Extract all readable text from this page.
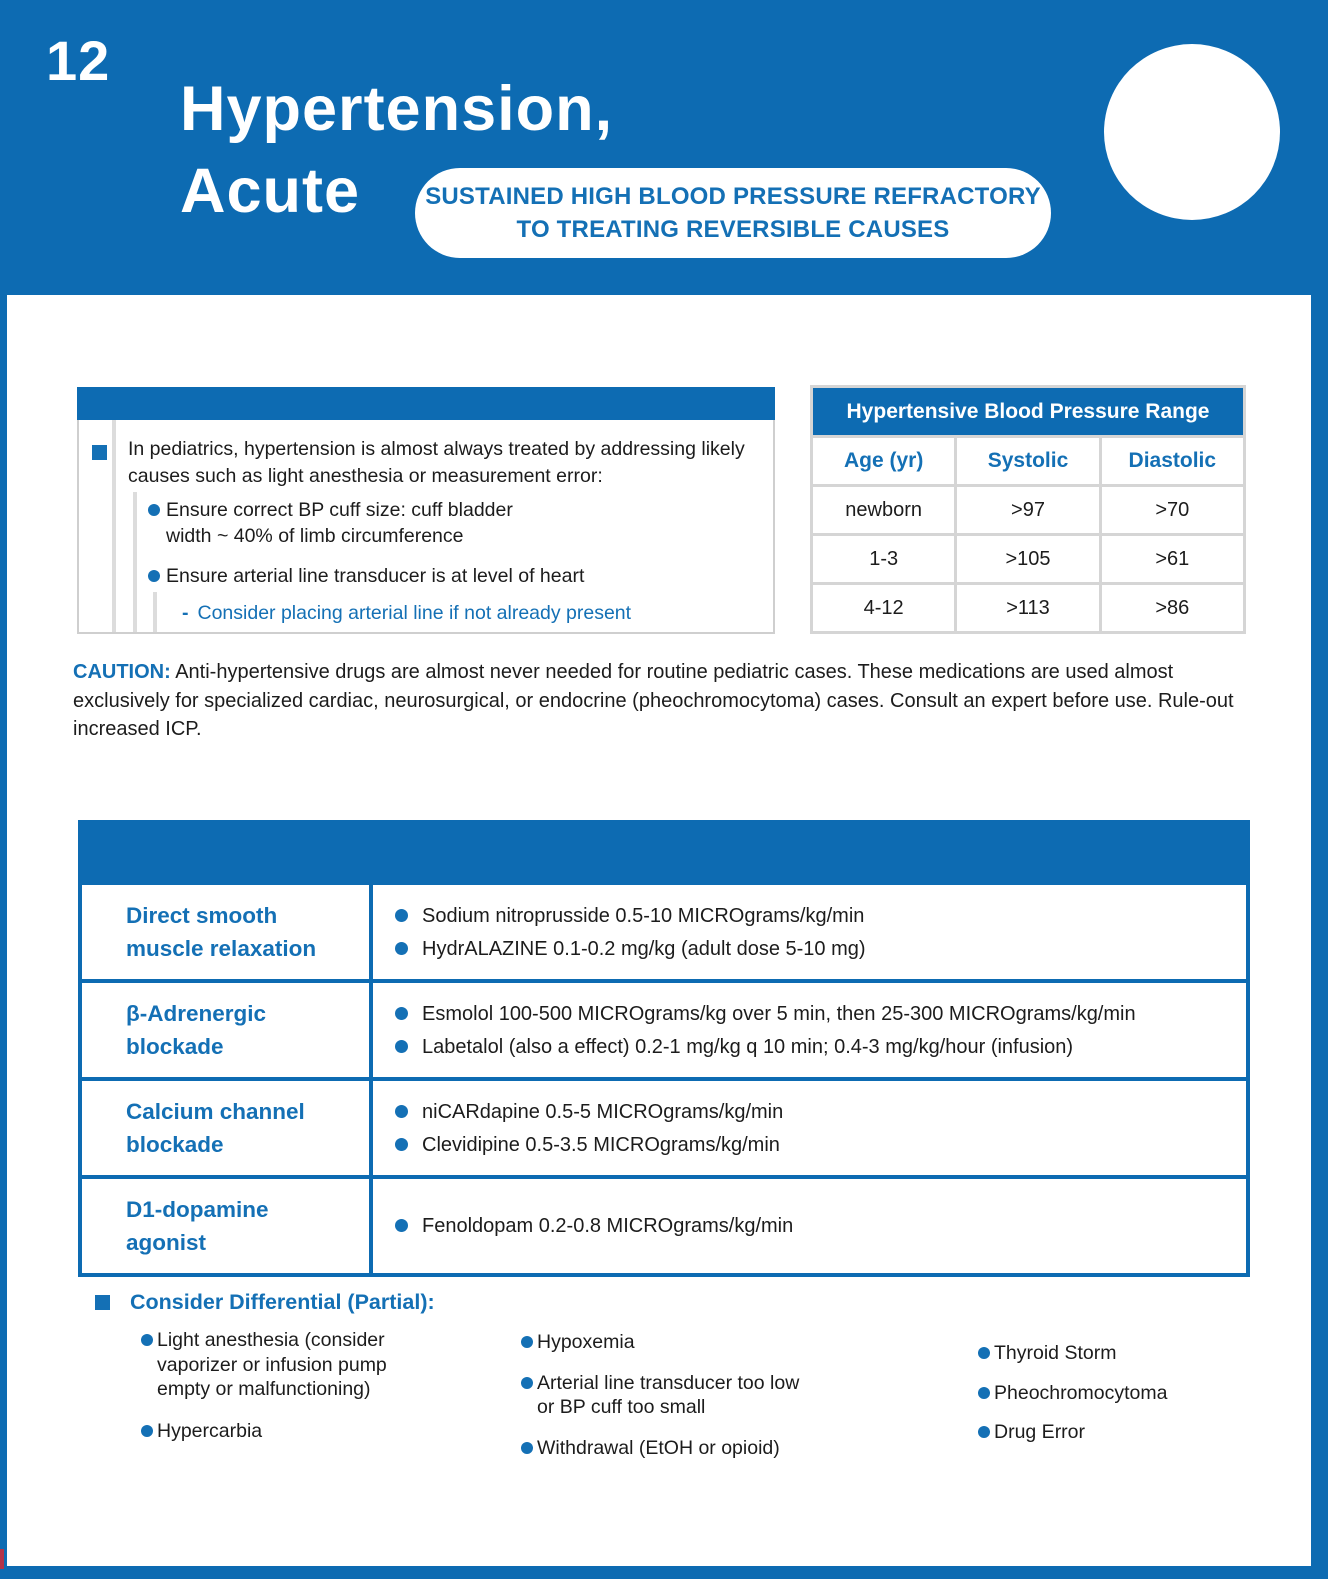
12
Hypertension,
Acute	SUSTAINED HIGH BLOOD PRESSURE REFRACTORY
TO TREATING REVERSIBLE CAUSES
In pediatrics, hypertension is almost always treated by addressing likely causes such as light anesthesia or measurement error:
Ensure correct BP cuff size: cuff bladder
width ~ 40% of limb circumference
Ensure arterial line transducer is at level of heart
- Consider placing arterial line if not already present
Hypertensive Blood Pressure Range
Age (yr)	Systolic	Diastolic
newborn	>97	>70
1-3	>105	>61
4-12	>113	>86
CAUTION: Anti-hypertensive drugs are almost never needed for routine pediatric cases. These medications are used almost exclusively for specialized cardiac, neurosurgical, or endocrine (pheochromocytoma) cases. Consult an expert before use. Rule-out increased ICP.
Direct smooth muscle relaxation
Sodium nitroprusside 0.5-10 MICROgrams/kg/min
HydrALAZINE 0.1-0.2 mg/kg (adult dose 5-10 mg)
β-Adrenergic blockade
Esmolol 100-500 MICROgrams/kg over 5 min, then 25-300 MICROgrams/kg/min
Labetalol (also a effect) 0.2-1 mg/kg q 10 min; 0.4-3 mg/kg/hour (infusion)
Calcium channel blockade
niCARdapine 0.5-5 MICROgrams/kg/min
Clevidipine 0.5-3.5 MICROgrams/kg/min
D1-dopamine agonist
Fenoldopam 0.2-0.8 MICROgrams/kg/min
Consider Differential (Partial):
Light anesthesia (consider vaporizer or infusion pump empty or malfunctioning)
Hypercarbia
Hypoxemia
Arterial line transducer too low or BP cuff too small
Withdrawal (EtOH or opioid)
Thyroid Storm
Pheochromocytoma
Drug Error
